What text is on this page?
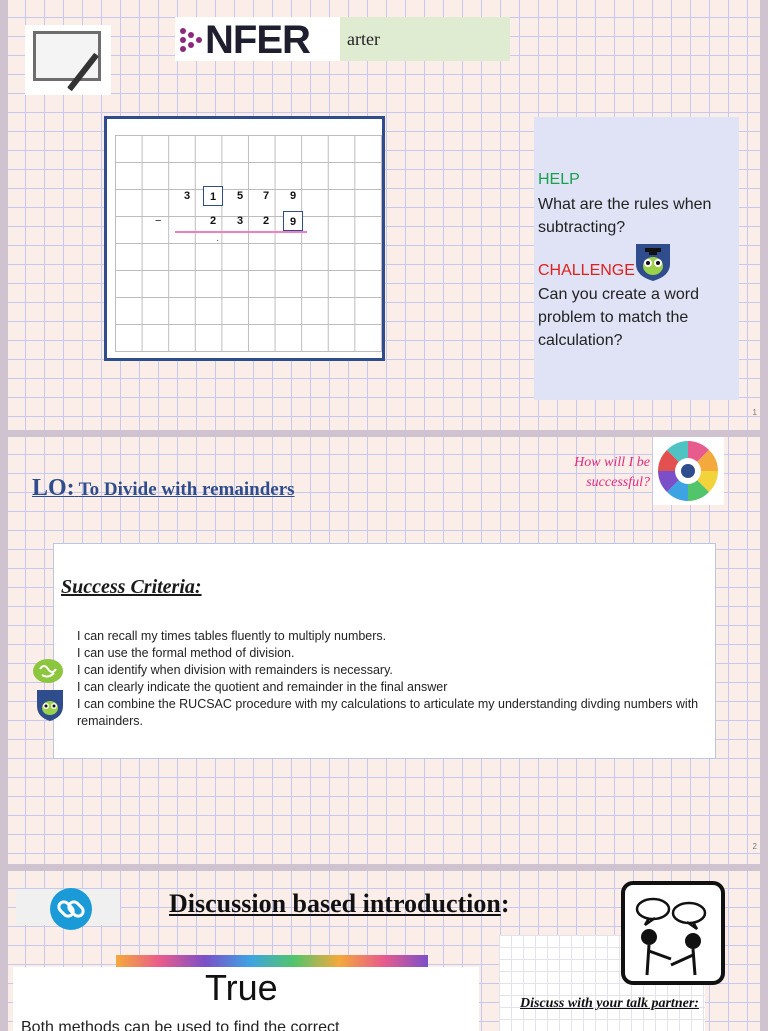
NFER arter
3	1	5	7	9
−	2	3	2	9
·
HELP
What are the rules when subtracting?
CHALLENGE
Can you create a word problem to match the calculation?
1
LO: To Divide with remainders
How will I be successful?
Success Criteria:
I can recall my times tables fluently to multiply numbers.
I can use the formal method of division.
I can identify when division with remainders is necessary.
I can clearly indicate the quotient and remainder in the final answer
I can combine the RUCSAC procedure with my calculations to articulate my understanding divding numbers with remainders.
2
Discussion based introduction:
Discuss with your talk partner:
True
Both methods can be used to find the correct
